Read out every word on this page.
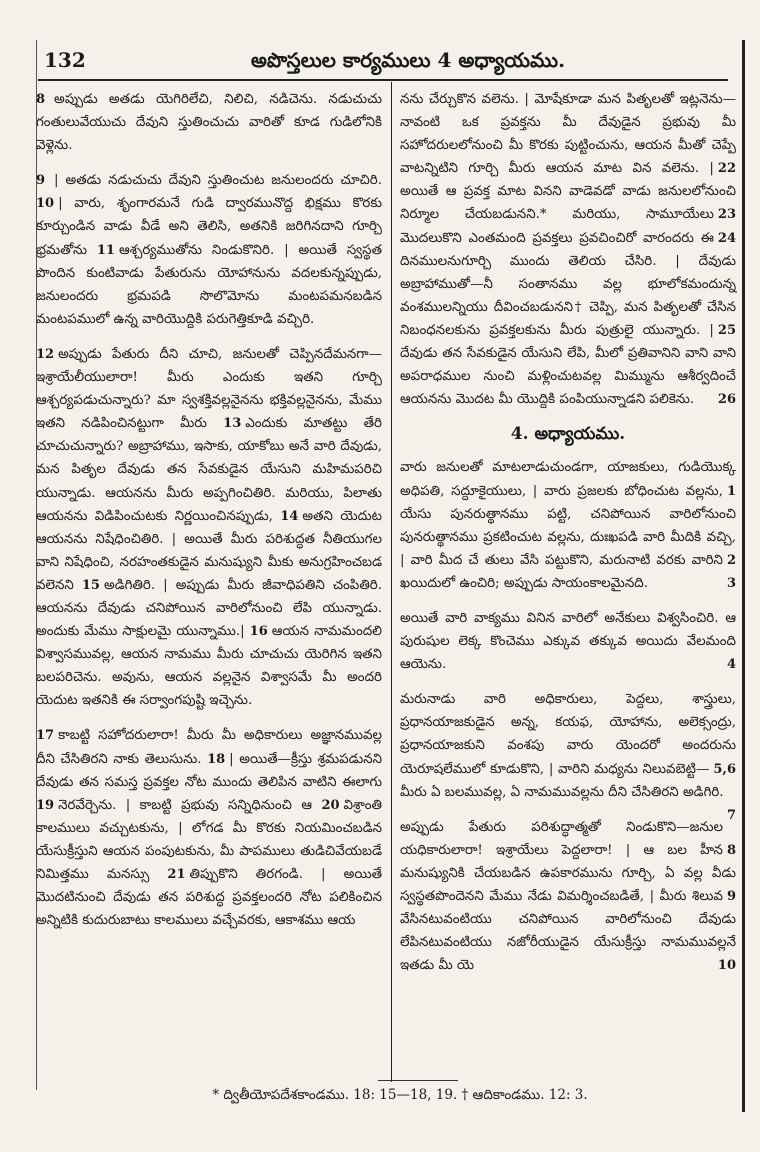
132	అపొస్తలుల కార్యములు 4 అధ్యాయము.

8 అప్పుడు అతడు యెగిరిలేచి, నిలిచి, నడిచెను. నడుచుచు గంతులువేయుచు దేవుని స్తుతించుచు వారితో కూడ గుడిలోనికి వెళ్లెను.

9 | అతడు నడుచుచు దేవుని స్తుతించుట జనులందరు చూచిరి. 10 | వారు, శృంగారమనే గుడి ద్వారమునొద్ద భిక్షము కొరకు కూర్చుండిన వాడు వీడే అని తెలిసి, అతనికి జరిగినదాని గూర్చి భ్రమతోను 11 ఆశ్చర్యముతోను నిండుకొనిరి. | అయితే స్వస్థత పొందిన కుంటివాడు పేతురును యోహానును వదలకున్నప్పుడు, జనులందరు భ్రమపడి సొలొమోను మంటపమనబడిన మంటపములో ఉన్న వారియొద్దికి పరుగెత్తికూడి వచ్చిరి.

12 అప్పుడు పేతురు దీని చూచి, జనులతో చెప్పినదేమనగా—ఇశ్రాయేలీయులారా! మీరు ఎందుకు ఇతని గూర్చి ఆశ్చర్యపడుచున్నారు? మా స్వశక్తివల్లనైనను భక్తివల్లనైనను, మేము ఇతని నడిపించినట్టుగా మీరు 13 ఎందుకు మాతట్టు తేరి చూచుచున్నారు? అబ్రాహాము, ఇసాకు, యాకోబు అనే వారి దేవుడు, మన పితృల దేవుడు తన సేవకుడైన యేసుని మహిమపరిచి యున్నాడు. ఆయనను మీరు అప్పగించితిరి. మరియు, పిలాతు ఆయనను విడిపించుటకు నిర్ణయించినప్పుడు, 14 అతని యెదుట ఆయనను నిషేధించితిరి. | అయితే మీరు పరిశుద్ధత నీతియుగల వాని నిషేధించి, నరహంతకుడైన మనుష్యుని మీకు అనుగ్రహించబడ వలెనని 15 అడిగితిరి. | అప్పుడు మీరు జీవాధిపతిని చంపితిరి. ఆయనను దేవుడు చనిపోయిన వారిలోనుంచి లేపి యున్నాడు. అందుకు మేము సాక్షులమై యున్నాము.| 16 ఆయన నామమందలి విశ్వాసమువల్ల, ఆయన నామము మీరు చూచుచు యెరిగిన ఇతని బలపరిచెను. అవును, ఆయన వల్లనైన విశ్వాసమే మీ అందరి యెదుట ఇతనికి ఈ సర్వాంగపుష్టి ఇచ్చెను.

17 కాబట్టి సహోదరులారా! మీరు మీ అధికారులు అజ్ఞానమువల్ల దీని చేసితిరని నాకు తెలుసును. 18 | అయితే—క్రీస్తు శ్రమపడునని దేవుడు తన సమస్త ప్రవక్తల నోట ముందు తెలిపిన వాటిని ఈలాగు 19 నెరవేర్చెను. | కాబట్టి ప్రభువు సన్నిధినుంచి ఆ 20 విశ్రాంతి కాలములు వచ్చుటకును, | లోగడ మీ కొరకు నియమించబడిన యేసుక్రీస్తుని ఆయన పంపుటకును, మీ పాపములు తుడిచివేయబడే నిమిత్తము మనస్సు 21 తిప్పుకొని తిరగండి. | అయితే మొదటినుంచి దేవుడు తన పరిశుద్ధ ప్రవక్తలందరి నోట పలికించిన అన్నిటికి కుదురుబాటు కాలములు వచ్చేవరకు, ఆకాశము ఆయ

నను చేర్చుకొన వలెను. | మోషేకూడా మన పితృలతో ఇట్లనెను—నావంటి ఒక ప్రవక్తను మీ దేవుడైన ప్రభువు మీ సహోదరులలోనుంచి మీ కొరకు పుట్టించును, ఆయన మీతో చెప్పే వాటన్నిటిని గూర్చి	22
మీరు ఆయన మాట విన వలెను. | అయితే ఆ ప్రవక్త మాట వినని వాడెవడో వాడు జనులలోనుంచి నిర్మూల	23
చేయబడునని.* మరియు, సామూయేలు మొదలుకొని ఎంతమంది ప్రవక్తలు ప్రవచించిరో వారందరు ఈ 24
దినములనుగూర్చి ముందు తెలియ చేసిరి. | దేవుడు అబ్రాహాముతో—నీ సంతానము వల్ల భూలోకమందున్న వంశములన్నియు దీవించబడునని† చెప్పి, మన పితృలతో చేసిన నిబంధనలకును ప్రవక్తలకును మీరు	25
పుత్రులై యున్నారు. | దేవుడు తన సేవకుడైన యేసుని లేపి, మీలో ప్రతివానిని వాని వాని అపరాధముల నుంచి మళ్లించుటవల్ల మిమ్మును ఆశీర్వదించే ఆయనను మొదట మీ యొద్దికి పంపియున్నాడని పలికెను. 26

4. అధ్యాయము.

వారు జనులతో మాటలాడుచుండగా, యాజకులు, గుడియొక్క అధిపతి, సద్దూకైయులు, | వారు ప్రజలకు	1
బోధించుట వల్లను, యేసు పునరుత్థానము పట్టి, చనిపోయిన వారిలోనుంచి పునరుత్థానము ప్రకటించుట వల్లను, దుఃఖపడి వారి మీదికి వచ్చి, | వారి మీద చే	2
తులు వేసి పట్టుకొని, మరునాటి వరకు వారిని ఖయిదులో ఉంచిరి; అప్పుడు సాయంకాలమైనది.	3

అయితే వారి వాక్యము వినిన వారిలో అనేకులు విశ్వసించిరి. ఆ పురుషుల లెక్క కొంచెము ఎక్కువ తక్కువ అయిదు వేలమంది ఆయెను.	4

మరునాడు వారి అధికారులు, పెద్దలు, శాస్త్రులు, ప్రధానయాజకుడైన అన్న, కయఫ, యోహాను, అలెక్సంద్రు, ప్రధానయాజకుని వంశపు వారు యెందరో అందరును యెరూషలేములో కూడుకొని, | వారిని	5,6
మధ్యను నిలువబెట్టి—మీరు ఏ బలమువల్ల, ఏ నామమువల్లను దీని చేసితిరని అడిగిరి.
7

అప్పుడు పేతురు పరిశుద్ధాత్మతో నిండుకొని—జనుల యధికారులారా! ఇశ్రాయేలు పెద్దలారా! | ఆ బల	8
హీన మనుష్యునికి చేయబడిన ఉపకారమును గూర్చి, ఏ వల్ల వీడు స్వస్థతపొందెనని మేము నేడు విమర్శించబడితే,	9
| మీరు శిలువ వేసినటువంటియు చనిపోయిన వారిలోనుంచి దేవుడు లేపినటువంటియు నజోరీయుడైన యేసుక్రీస్తు నామమువల్లనే ఇతడు మీ యె	10

* ద్వితీయోపదేశకాండము. 18: 15—18, 19. † ఆదికాండము. 12: 3.
